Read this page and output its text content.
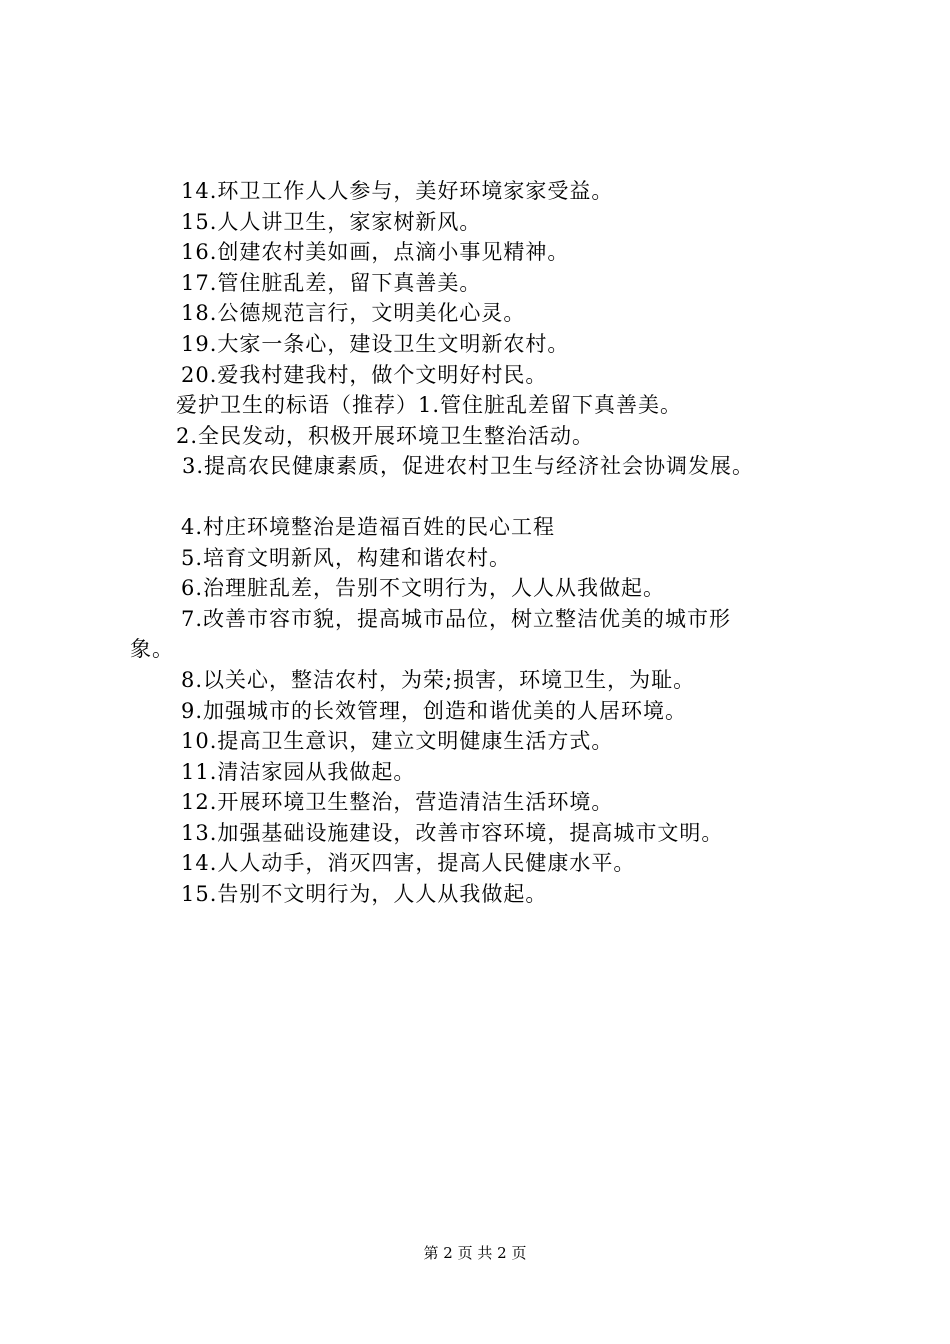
14.环卫工作人人参与，美好环境家家受益。
15.人人讲卫生，家家树新风。
16.创建农村美如画，点滴小事见精神。
17.管住脏乱差，留下真善美。
18.公德规范言行，文明美化心灵。
19.大家一条心，建设卫生文明新农村。
20.爱我村建我村，做个文明好村民。
爱护卫生的标语（推荐）1.管住脏乱差留下真善美。
2.全民发动，积极开展环境卫生整治活动。
3.提高农民健康素质，促进农村卫生与经济社会协调发展。
4.村庄环境整治是造福百姓的民心工程
5.培育文明新风，构建和谐农村。
6.治理脏乱差，告别不文明行为，人人从我做起。
7.改善市容市貌，提高城市品位，树立整洁优美的城市形
象。
8.以关心，整洁农村，为荣;损害，环境卫生，为耻。
9.加强城市的长效管理，创造和谐优美的人居环境。
10.提高卫生意识，建立文明健康生活方式。
11.清洁家园从我做起。
12.开展环境卫生整治，营造清洁生活环境。
13.加强基础设施建设，改善市容环境，提高城市文明。
14.人人动手，消灭四害，提高人民健康水平。
15.告别不文明行为，人人从我做起。
第 2 页 共 2 页
